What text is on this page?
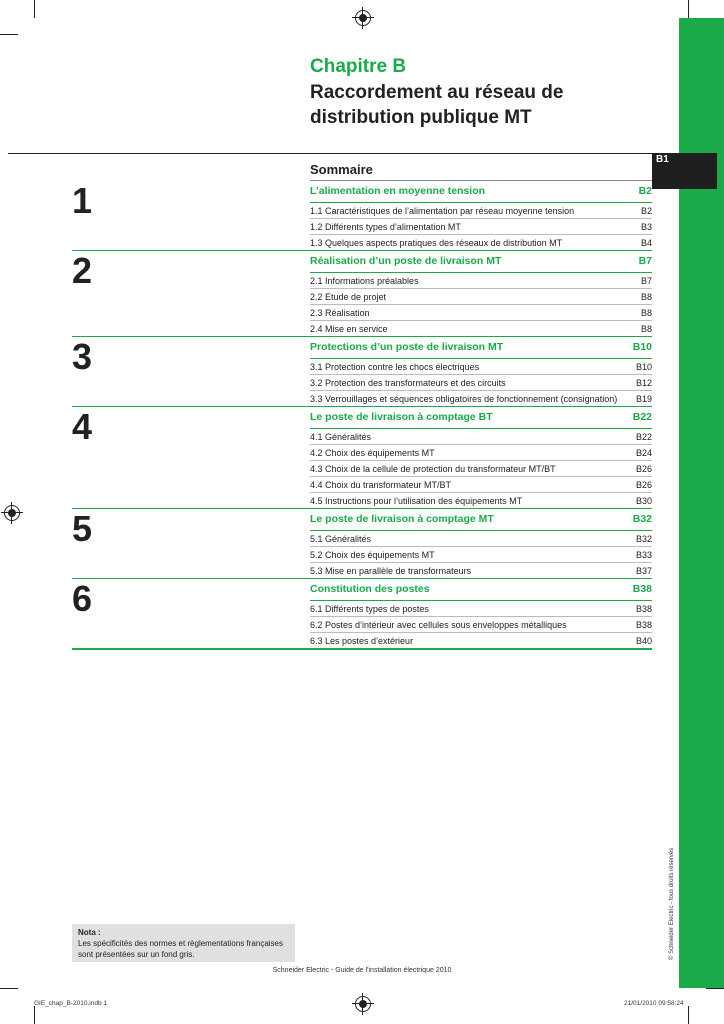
B1
© Schneider Electric - tous droits réservés
Chapitre B
Raccordement au réseau de distribution publique MT
Sommaire
1	L’alimentation en moyenne tension	B2
1.1 Caractéristiques de l’alimentation par réseau moyenne tension	B2
1.2 Différents types d’alimentation MT	B3
1.3 Quelques aspects pratiques des réseaux de distribution MT	B4
2	Réalisation d’un poste de livraison MT	B7
2.1 Informations préalables	B7
2.2 Etude de projet	B8
2.3 Réalisation	B8
2.4 Mise en service	B8
3	Protections d’un poste de livraison MT	B10
3.1 Protection contre les chocs électriques	B10
3.2 Protection des transformateurs et des circuits	B12
3.3 Verrouillages et séquences obligatoires de fonctionnement (consignation)	B19
4	Le poste de livraison à comptage BT	B22
4.1 Généralités	B22
4.2 Choix des équipements MT	B24
4.3 Choix de la cellule de protection du transformateur MT/BT	B26
4.4 Choix du transformateur MT/BT	B26
4.5 Instructions pour l’utilisation des équipements MT	B30
5	Le poste de livraison à comptage MT	B32
5.1 Généralités	B32
5.2 Choix des équipements MT	B33
5.3 Mise en parallèle de transformateurs	B37
6	Constitution des postes	B38
6.1 Différents types de postes	B38
6.2 Postes d’intérieur avec cellules sous enveloppes métalliques	B38
6.3 Les postes d’extérieur	B40
Nota :
Les spécificités des normes et règlementations françaises sont présentées sur un fond gris.
Schneider Electric - Guide de l'installation électrique 2010
GIE_chap_B-2010.indb 1	21/01/2010 09:58:24
